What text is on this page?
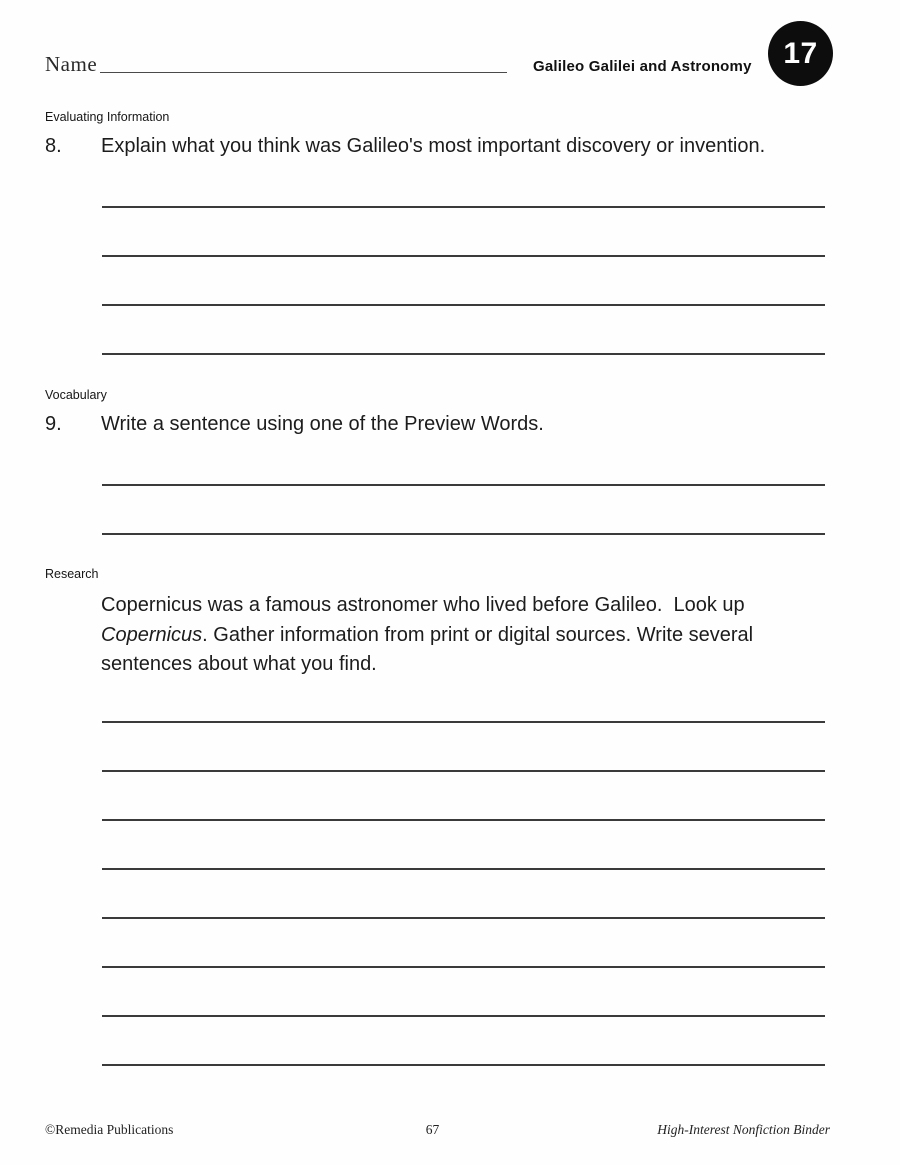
Name	Galileo Galilei and Astronomy 17
Evaluating Information
8. Explain what you think was Galileo's most important discovery or invention.
Vocabulary
9. Write a sentence using one of the Preview Words.
Research
Copernicus was a famous astronomer who lived before Galileo.  Look up Copernicus. Gather information from print or digital sources. Write several sentences about what you find.
©Remedia Publications	67	High-Interest Nonfiction Binder
